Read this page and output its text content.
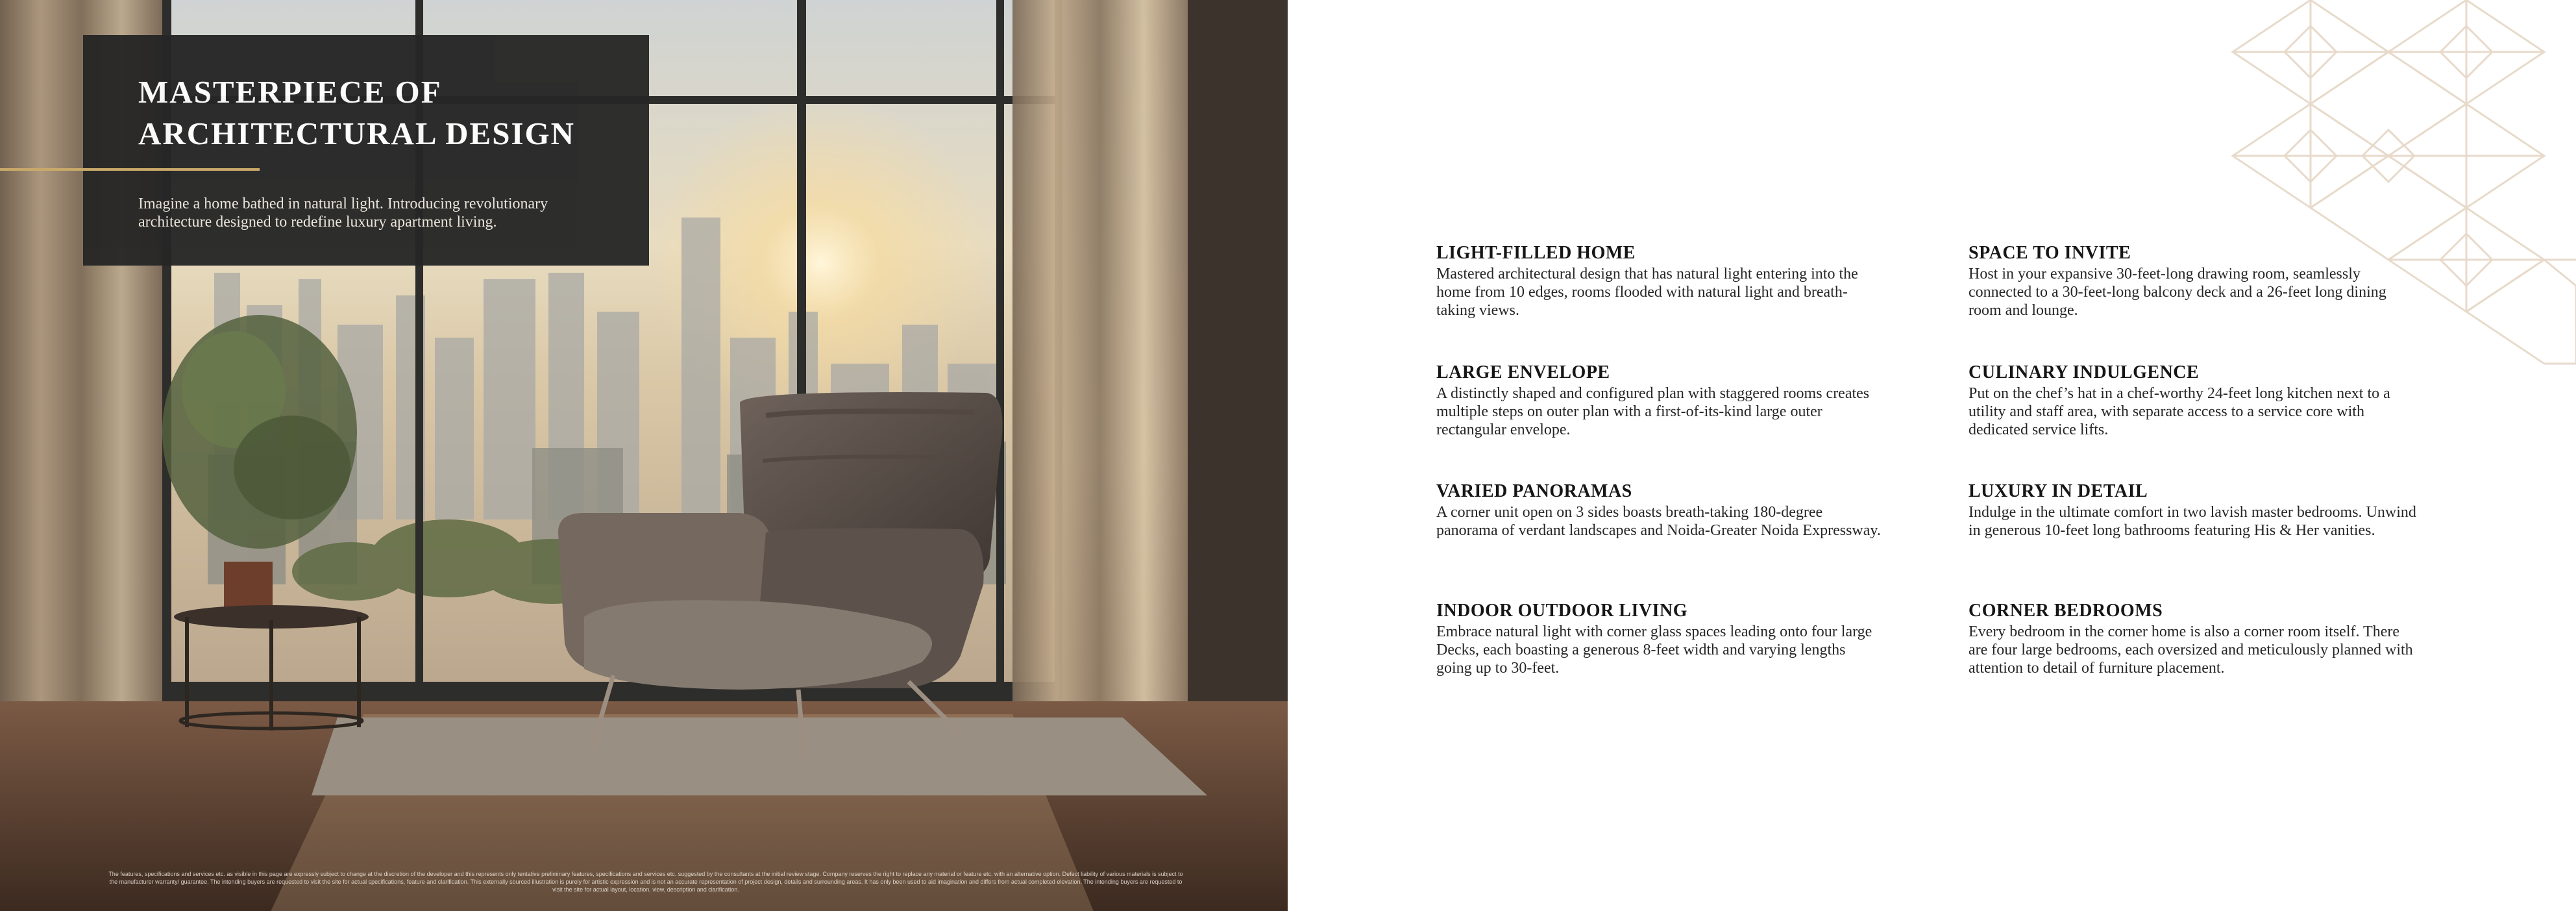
MASTERPIECE OF ARCHITECTURAL DESIGN

Imagine a home bathed in natural light. Introducing revolutionary architecture designed to redefine luxury apartment living.

The features, specifications and services etc. as visible in this page are expressly subject to change at the discretion of the developer and this represents only tentative preliminary features, specifications and services etc. suggested by the consultants at the initial review stage. Company reserves the right to replace any material or feature etc. with an alternative option. Defect liability of various materials is subject to the manufacturer warranty/ guarantee. The intending buyers are requested to visit the site for actual specifications, feature and clarification. This externally sourced illustration is purely for artistic expression and is not an accurate representation of project design, details and surrounding areas. It has only been used to aid imagination and differs from actual completed elevation. The intending buyers are requested to visit the site for actual layout, location, view, description and clarification.

LIGHT-FILLED HOME

Mastered architectural design that has natural light entering into the home from 10 edges, rooms flooded with natural light and breath-taking views.

SPACE TO INVITE

Host in your expansive 30-feet-long drawing room, seamlessly connected to a 30-feet-long balcony deck and a 26-feet long dining room and lounge.

LARGE ENVELOPE

A distinctly shaped and configured plan with staggered rooms creates multiple steps on outer plan with a first-of-its-kind large outer rectangular envelope.

CULINARY INDULGENCE

Put on the chef’s hat in a chef-worthy 24-feet long kitchen next to a utility and staff area, with separate access to a service core with dedicated service lifts.

VARIED PANORAMAS

A corner unit open on 3 sides boasts breath-taking 180-degree panorama of verdant landscapes and Noida-Greater Noida Expressway.

LUXURY IN DETAIL

Indulge in the ultimate comfort in two lavish master bedrooms. Unwind in generous 10-feet long bathrooms featuring His & Her vanities.

INDOOR OUTDOOR LIVING

Embrace natural light with corner glass spaces leading onto four large Decks, each boasting a generous 8-feet width and varying lengths going up to 30-feet.

CORNER BEDROOMS

Every bedroom in the corner home is also a corner room itself. There are four large bedrooms, each oversized and meticulously planned with attention to detail of furniture placement.
